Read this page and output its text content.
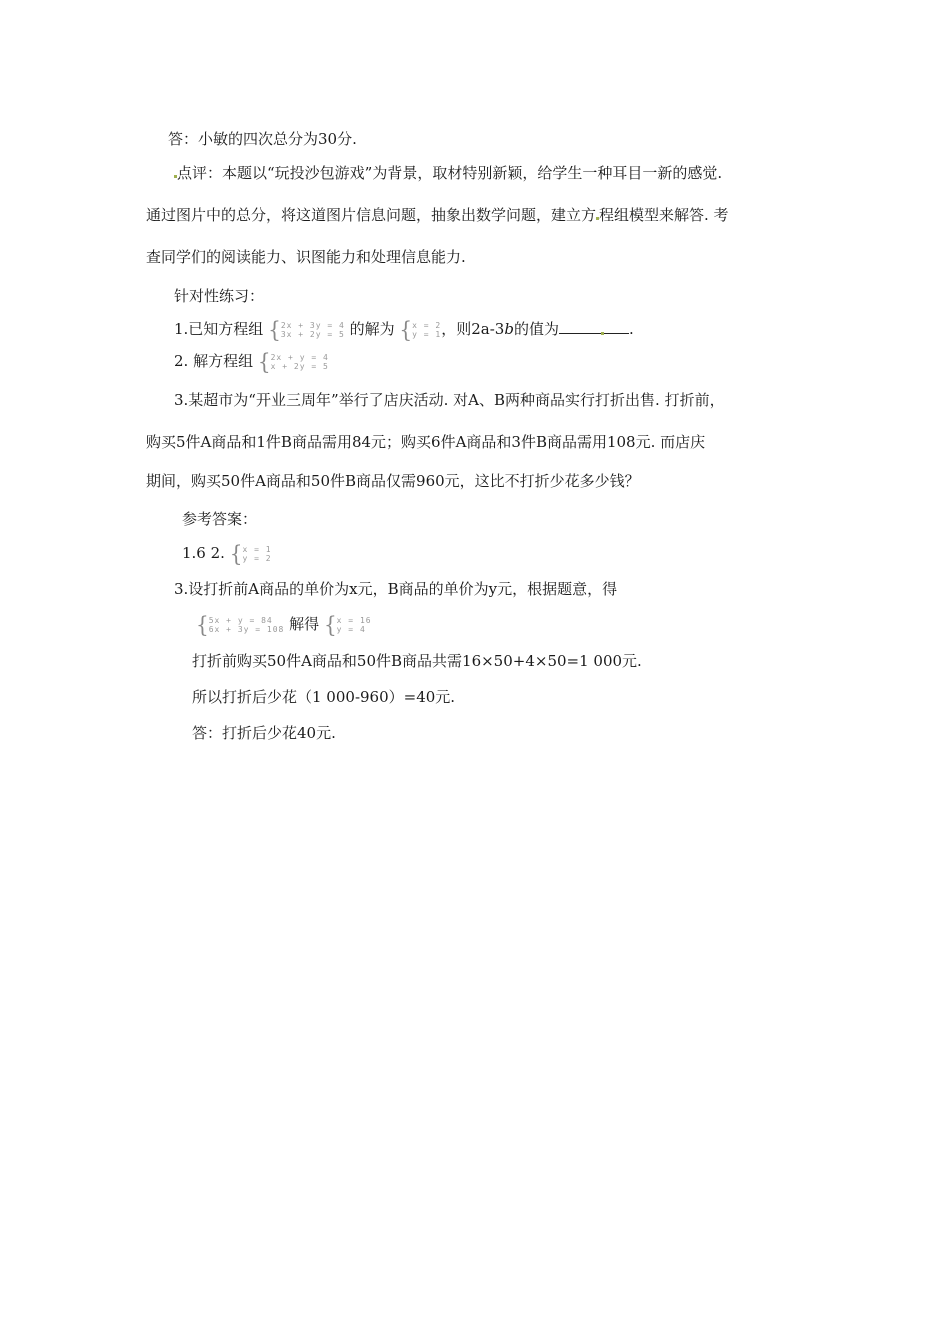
答：小敏的四次总分为30分.
点评：本题以“玩投沙包游戏”为背景，取材特别新颖，给学生一种耳目一新的感觉.
通过图片中的总分，将这道图片信息问题，抽象出数学问题，建立方 程组模型来解答. 考
查同学们的阅读能力、识图能力和处理信息能力.
针对性练习：
1.已知方程组 {2x + 3y = 4
3x + 2y = 5 的解为 {x = 2
y = 1，则2a-3b的值为	.
2. 解方程组 {2x + y = 4
x + 2y = 5
3.某超市为“开业三周年”举行了店庆活动. 对A、B两种商品实行打折出售. 打折前，
购买5件A商品和1件B商品需用84元；购买6件A商品和3件B商品需用108元. 而店庆
期间，购买50件A商品和50件B商品仅需960元，这比不打折少花多少钱？
参考答案：
1.6 2. {x = 1
y = 2
3.设打折前A商品的单价为x元，B商品的单价为y元，根据题意，得
{5x + y = 84
6x + 3y = 108 解得 {x = 16
y = 4
打折前购买50件A商品和50件B商品共需16×50+4×50=1 000元.
所以打折后少花（1 000-960）=40元.
答：打折后少花40元.
